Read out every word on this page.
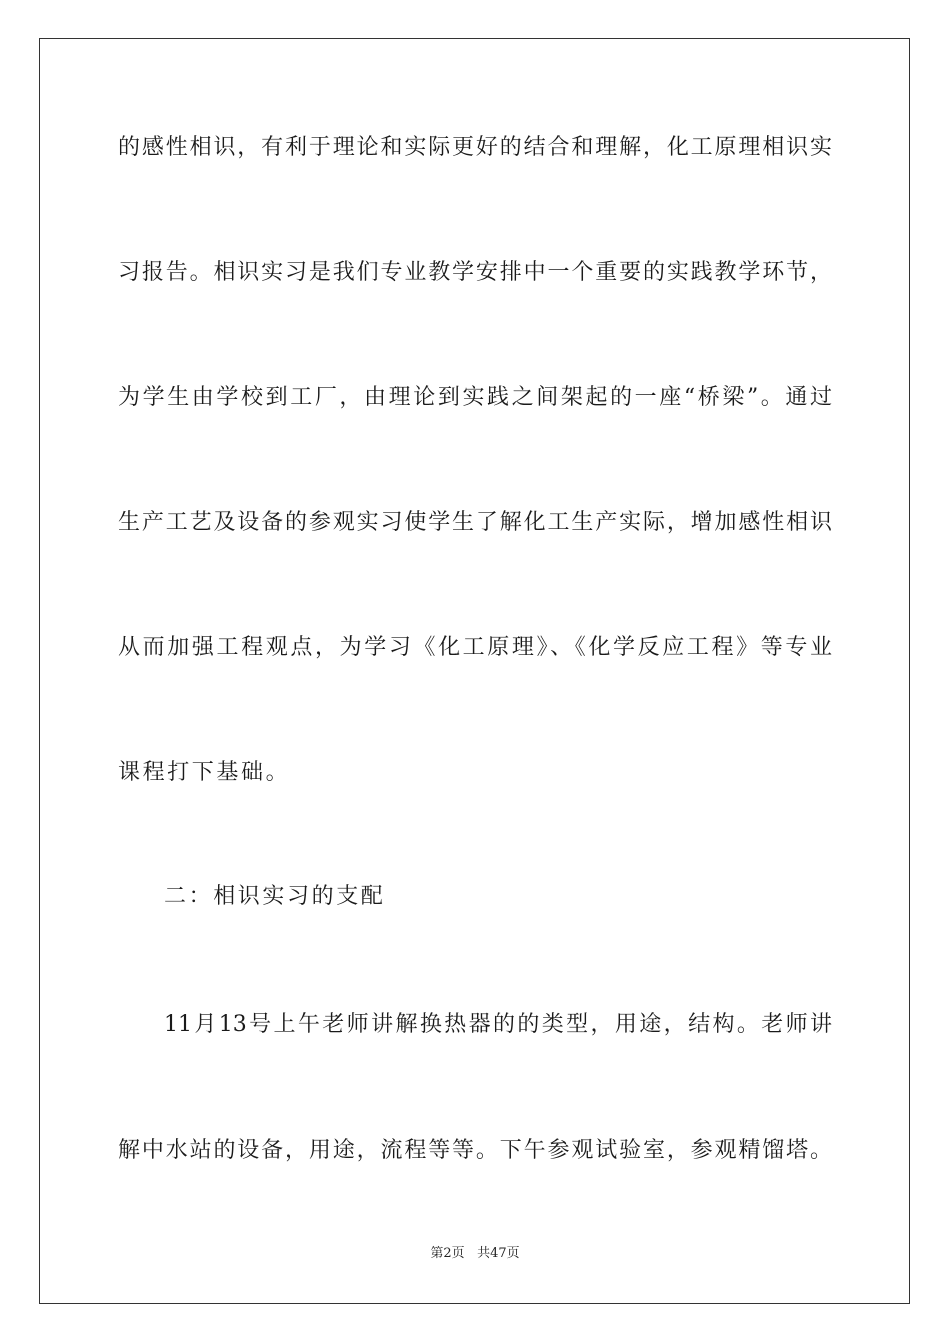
的感性相识，有利于理论和实际更好的结合和理解，化工原理相识实
习报告。相识实习是我们专业教学安排中一个重要的实践教学环节，
为学生由学校到工厂，由理论到实践之间架起的一座“桥梁”。通过
生产工艺及设备的参观实习使学生了解化工生产实际，增加感性相识
从而加强工程观点，为学习《化工原理》、《化学反应工程》等专业
课程打下基础。
二：相识实习的支配
11月13号上午老师讲解换热器的的类型，用途，结构。老师讲
解中水站的设备，用途，流程等等。下午参观试验室，参观精馏塔。
第2页 共47页
